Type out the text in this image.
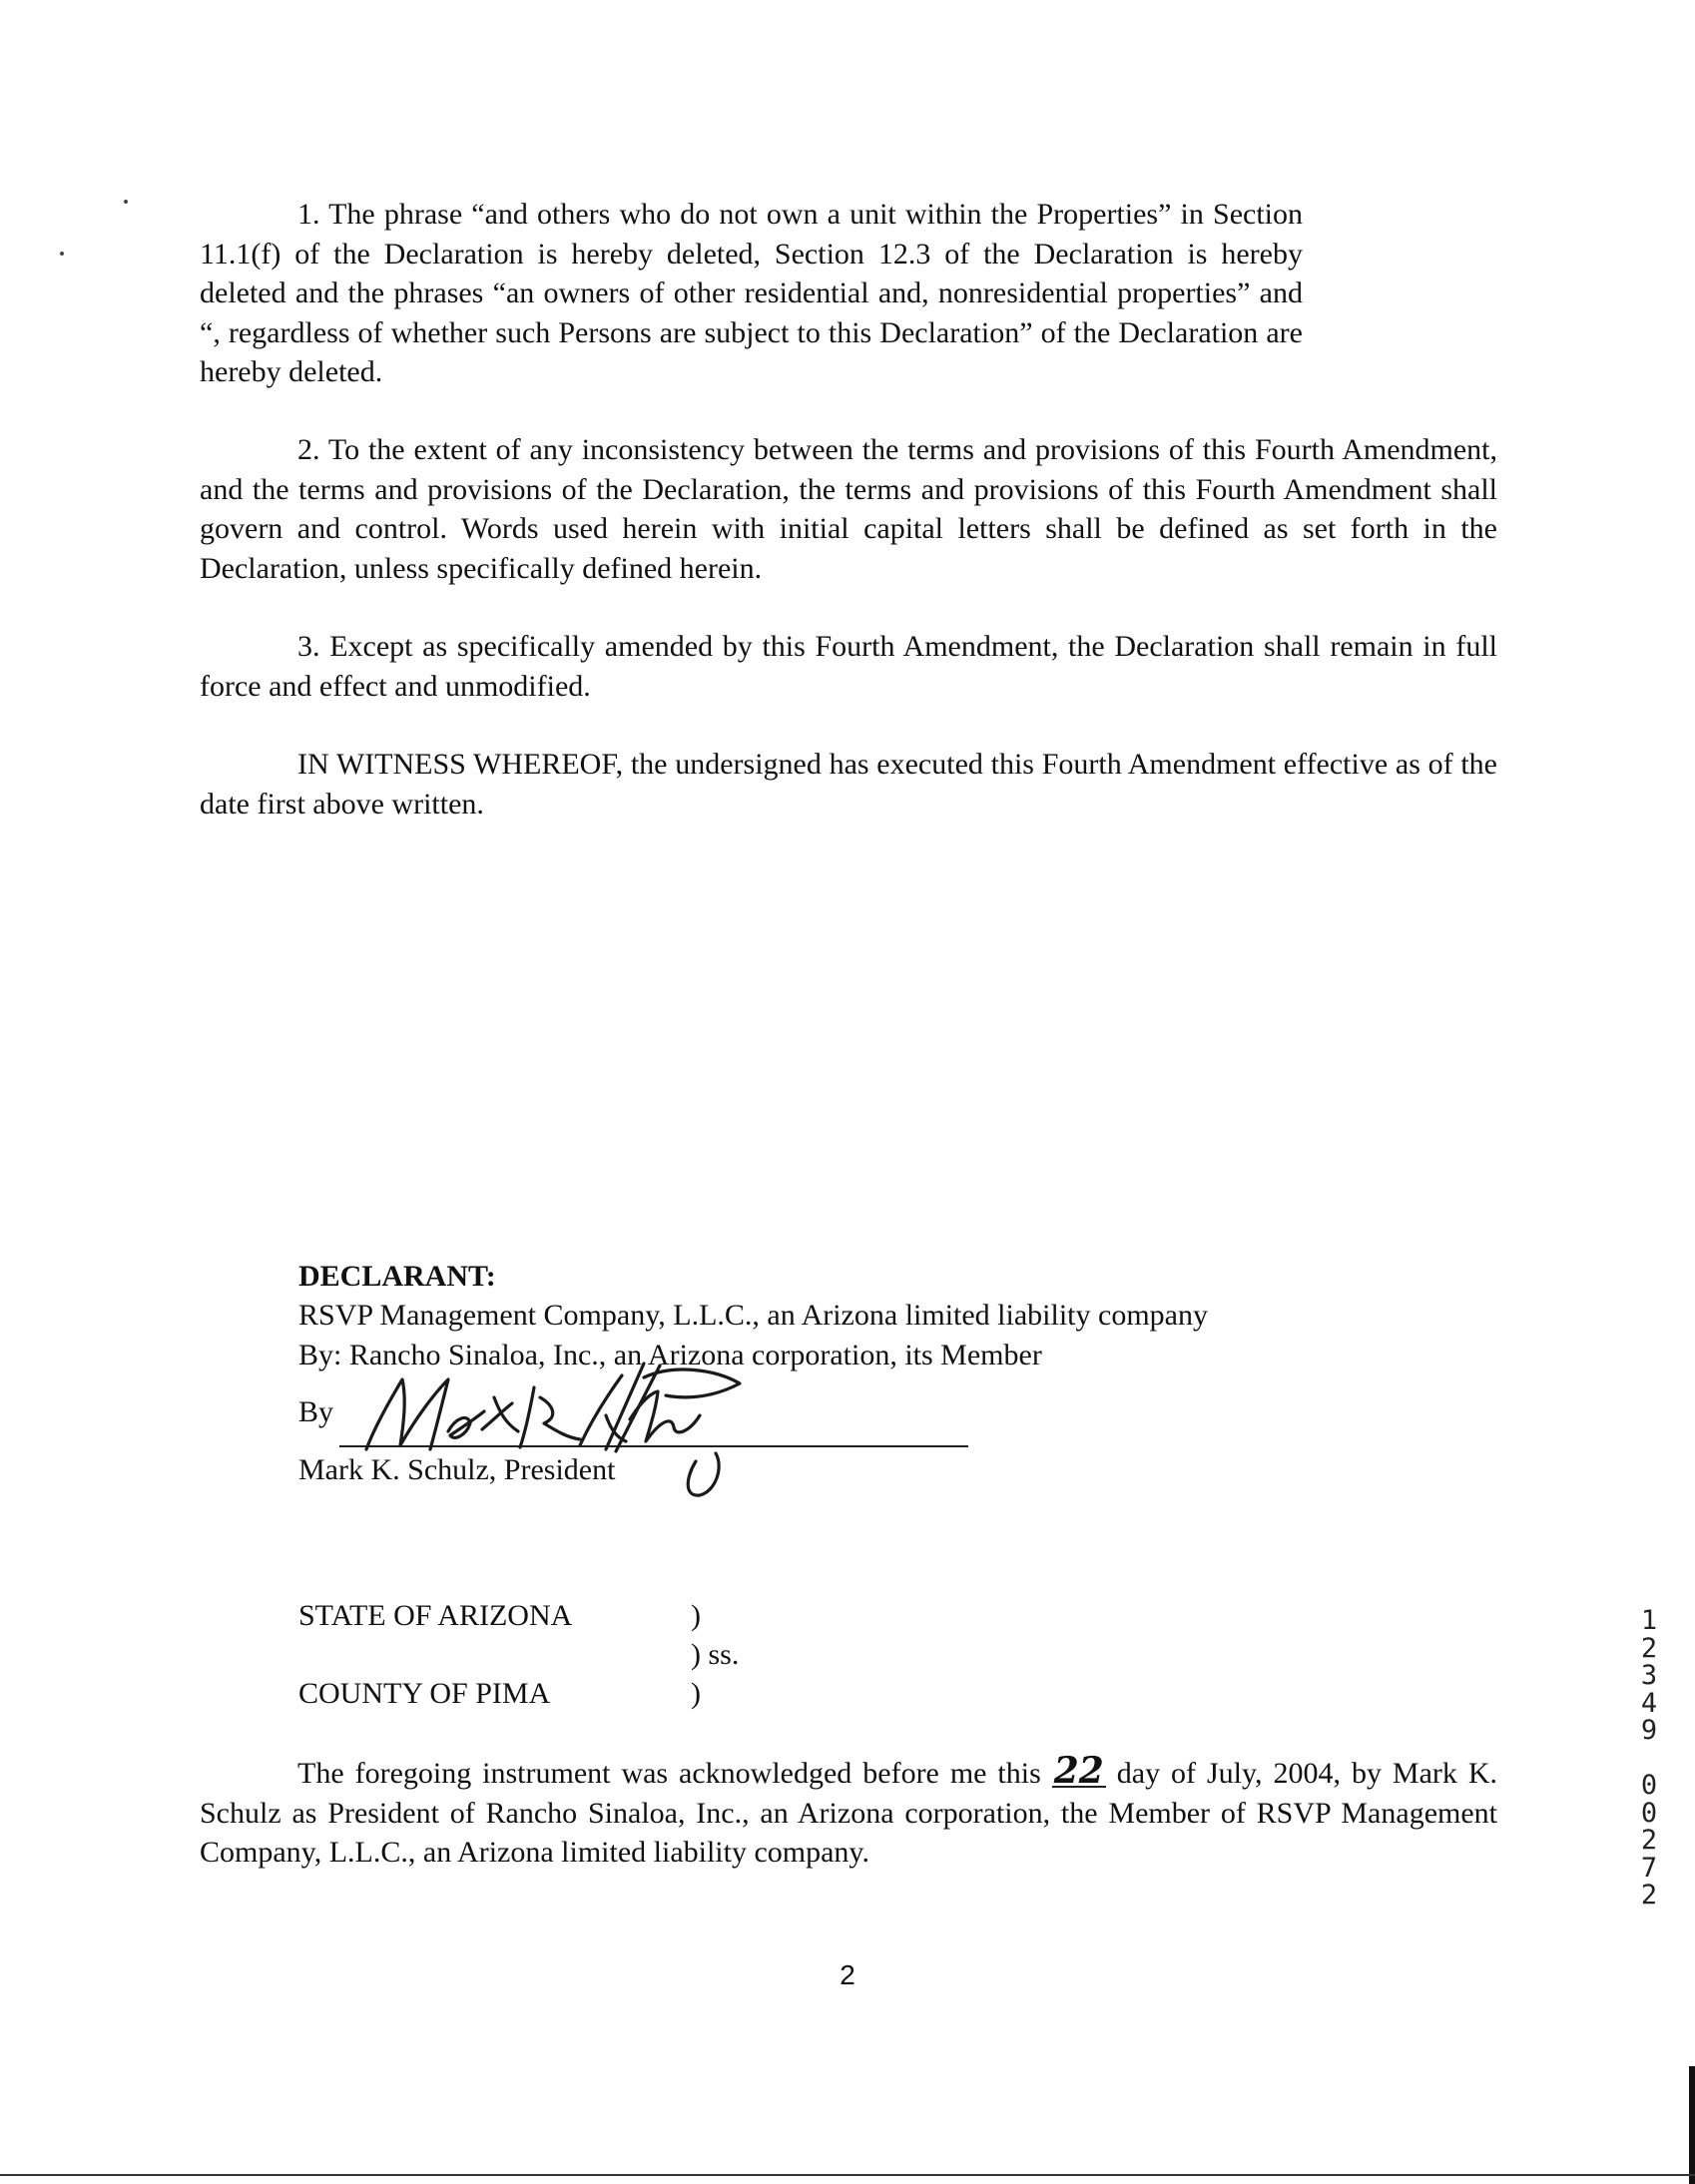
1. The phrase “and others who do not own a unit within the Properties” in Section 11.1(f) of the Declaration is hereby deleted, Section 12.3 of the Declaration is hereby deleted and the phrases “an owners of other residential and, nonresidential properties” and “, regardless of whether such Persons are subject to this Declaration” of the Declaration are hereby deleted.
2. To the extent of any inconsistency between the terms and provisions of this Fourth Amendment, and the terms and provisions of the Declaration, the terms and provisions of this Fourth Amendment shall govern and control. Words used herein with initial capital letters shall be defined as set forth in the Declaration, unless specifically defined herein.
3. Except as specifically amended by this Fourth Amendment, the Declaration shall remain in full force and effect and unmodified.
IN WITNESS WHEREOF, the undersigned has executed this Fourth Amendment effective as of the date first above written.
DECLARANT:
RSVP Management Company, L.L.C., an Arizona limited liability company
By: Rancho Sinaloa, Inc., an Arizona corporation, its Member
By
Mark K. Schulz, President
STATE OF ARIZONA
COUNTY OF PIMA
)
) ss.
)
The foregoing instrument was acknowledged before me this 22 day of July, 2004, by Mark K. Schulz as President of Rancho Sinaloa, Inc., an Arizona corporation, the Member of RSVP Management Company, L.L.C., an Arizona limited liability company.
2
1
2
3
4
9

0
0
2
7
2
